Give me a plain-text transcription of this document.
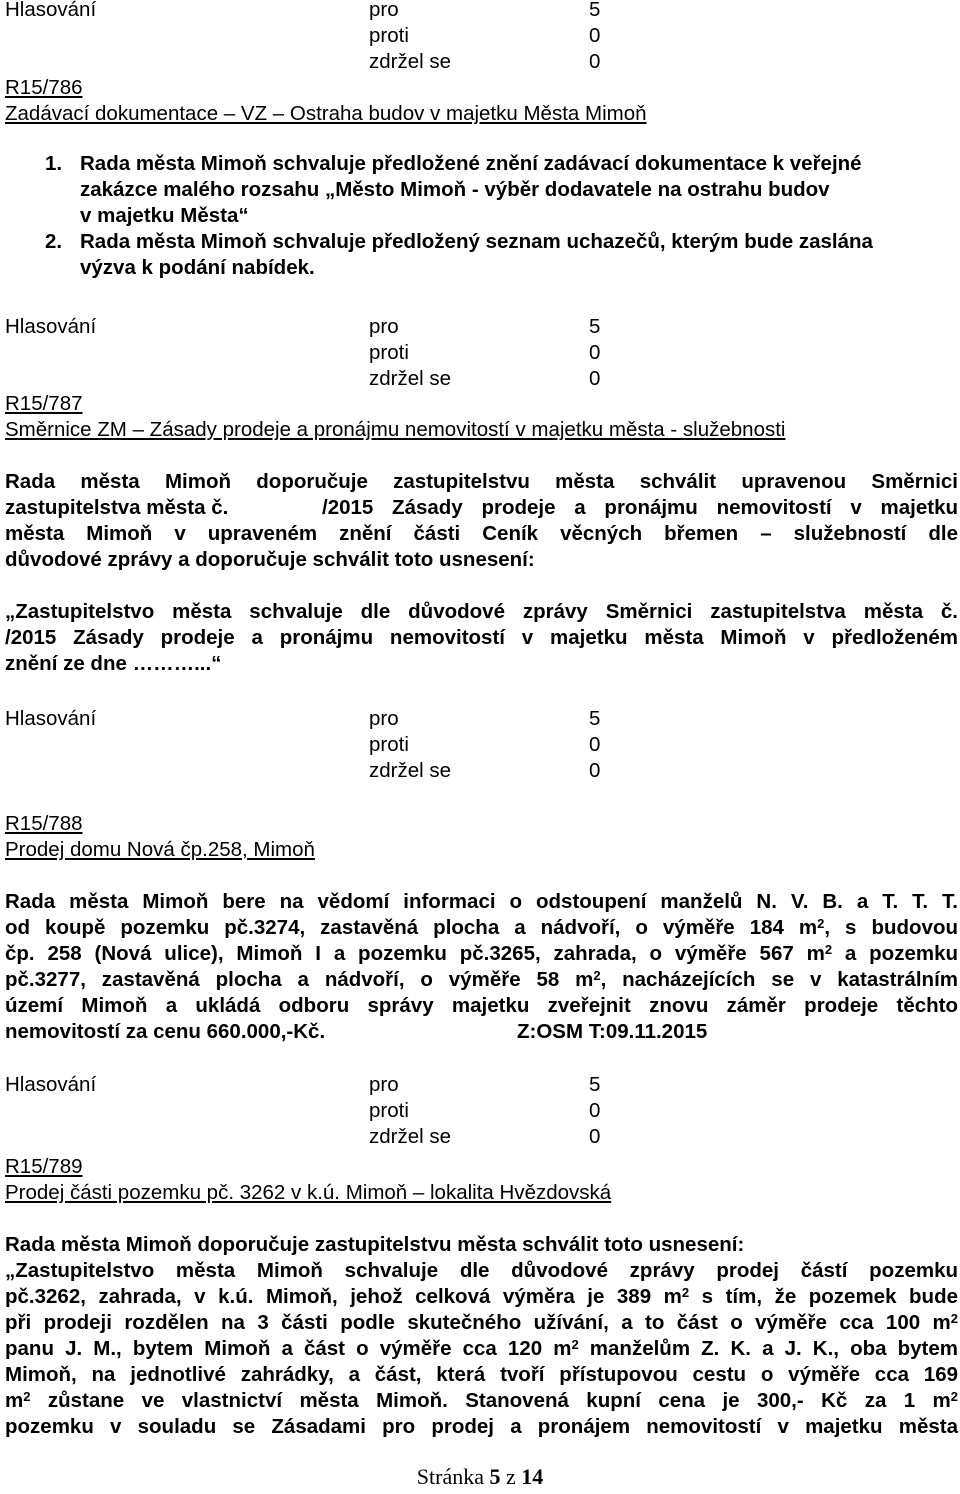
Hlasování	pro	5
proti	0
zdržel se	0
R15/786
Zadávací dokumentace – VZ – Ostraha budov v majetku Města Mimoň
1. Rada města Mimoň schvaluje předložené znění zadávací dokumentace k veřejné
zakázce malého rozsahu „Město Mimoň - výběr dodavatele na ostrahu budov
v majetku Města“
2. Rada města Mimoň schvaluje předložený seznam uchazečů, kterým bude zaslána
výzva k podání nabídek.
Hlasování	pro	5
proti	0
zdržel se	0
R15/787
Směrnice ZM – Zásady prodeje a pronájmu nemovitostí v majetku města - služebnosti
Rada města Mimoň doporučuje zastupitelstvu města schválit upravenou Směrnici
zastupitelstva města č.	/2015 Zásady prodeje a pronájmu nemovitostí v majetku
města Mimoň v upraveném znění části Ceník věcných břemen – služebností dle
důvodové zprávy a doporučuje schválit toto usnesení:
„Zastupitelstvo města schvaluje dle důvodové zprávy Směrnici zastupitelstva města č.
/2015 Zásady prodeje a pronájmu nemovitostí v majetku města Mimoň v předloženém
znění ze dne ………...“
Hlasování	pro	5
proti	0
zdržel se	0
R15/788
Prodej domu Nová čp.258, Mimoň
Rada města Mimoň bere na vědomí informaci o odstoupení manželů N. V. B. a T. T. T.
od koupě pozemku pč.3274, zastavěná plocha a nádvoří, o výměře 184 $m^2$, s budovou
čp. 258 (Nová ulice), Mimoň I a pozemku pč.3265, zahrada, o výměře 567 $m^2$ a pozemku
pč.3277, zastavěná plocha a nádvoří, o výměře 58 $m^2$, nacházejících se v katastrálním
území Mimoň a ukládá odboru správy majetku zveřejnit znovu záměr prodeje těchto
nemovitostí za cenu 660.000,-Kč.	Z:OSM T:09.11.2015
Hlasování	pro	5
proti	0
zdržel se	0
R15/789
Prodej části pozemku pč. 3262 v k.ú. Mimoň – lokalita Hvězdovská
Rada města Mimoň doporučuje zastupitelstvu města schválit toto usnesení:
„Zastupitelstvo města Mimoň schvaluje dle důvodové zprávy prodej částí pozemku
pč.3262, zahrada, v k.ú. Mimoň, jehož celková výměra je 389 $m^2$ s tím, že pozemek bude
při prodeji rozdělen na 3 části podle skutečného užívání, a to část o výměře cca 100 $m^2$
panu J. M., bytem Mimoň a část o výměře cca 120 $m^2$ manželům Z. K. a J. K., oba bytem
Mimoň, na jednotlivé zahrádky, a část, která tvoří přístupovou cestu o výměře cca 169
$m^2$ zůstane ve vlastnictví města Mimoň. Stanovená kupní cena je 300,- Kč za 1 $m^2$
pozemku v souladu se Zásadami pro prodej a pronájem nemovitostí v majetku města
Stránka 5 z 14
